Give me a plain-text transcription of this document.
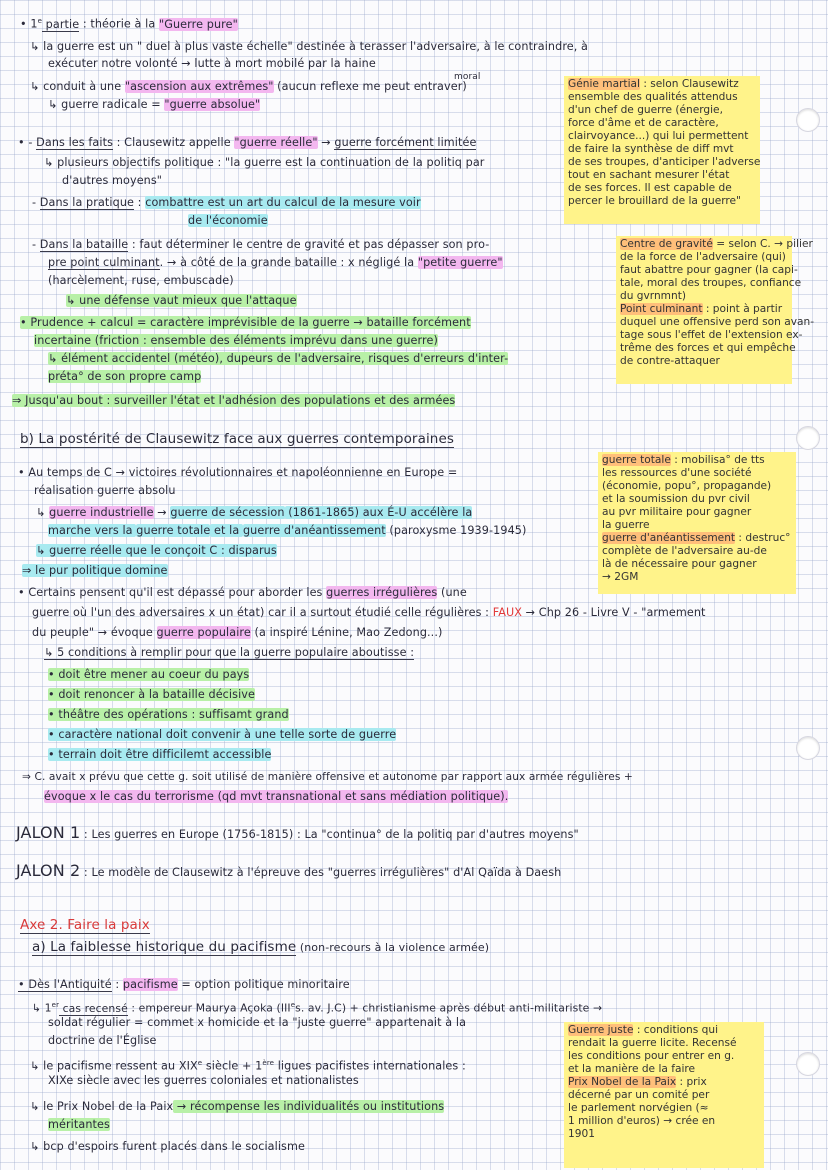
• 1e partie : théorie à la "Guerre pure"
↳ la guerre est un " duel à plus vaste échelle" destinée à terasser l'adversaire, à le contraindre, à
exécuter notre volonté → lutte à mort mobilé par la haine
moral
↳ conduit à une "ascension aux extrêmes" (aucun reflexe me peut entraver)
↳ guerre radicale = "guerre absolue"
• - Dans les faits : Clausewitz appelle "guerre réelle" → guerre forcément limitée
↳ plusieurs objectifs politique : "la guerre est la continuation de la politiq par
d'autres moyens"
- Dans la pratique : combattre est un art du calcul de la mesure voir
de l'économie
- Dans la bataille : faut déterminer le centre de gravité et pas dépasser son pro-
pre point culminant. → à côté de la grande bataille : x négligé la "petite guerre"
(harcèlement, ruse, embuscade)
↳ une défense vaut mieux que l'attaque
• Prudence + calcul = caractère imprévisible de la guerre → bataille forcément
incertaine (friction : ensemble des éléments imprévu dans une guerre)
↳ élément accidentel (météo), dupeurs de l'adversaire, risques d'erreurs d'inter-
préta° de son propre camp
⇒ Jusqu'au bout : surveiller l'état et l'adhésion des populations et des armées
b) La postérité de Clausewitz face aux guerres contemporaines
• Au temps de C → victoires révolutionnaires et napoléonnienne en Europe =
réalisation guerre absolu
↳ guerre industrielle → guerre de sécession (1861-1865) aux É-U accélère la
marche vers la guerre totale et la guerre d'anéantissement (paroxysme 1939-1945)
↳ guerre réelle que le conçoit C : disparus
⇒ le pur politique domine
• Certains pensent qu'il est dépassé pour aborder les guerres irrégulières (une
guerre où l'un des adversaires x un état) car il a surtout étudié celle régulières : FAUX → Chp 26 - Livre V - "armement
du peuple" → évoque guerre populaire (a inspiré Lénine, Mao Zedong...)
↳ 5 conditions à remplir pour que la guerre populaire aboutisse :
• doit être mener au coeur du pays
• doit renoncer à la bataille décisive
• théâtre des opérations : suffisamt grand
• caractère national doit convenir à une telle sorte de guerre
• terrain doit être difficilemt accessible
⇒ C. avait x prévu que cette g. soit utilisé de manière offensive et autonome par rapport aux armée régulières +
évoque x le cas du terrorisme (qd mvt transnational et sans médiation politique).
JALON 1 : Les guerres en Europe (1756-1815) : La "continua° de la politiq par d'autres moyens"
JALON 2 : Le modèle de Clausewitz à l'épreuve des "guerres irrégulières" d'Al Qaïda à Daesh
Axe 2. Faire la paix
a) La faiblesse historique du pacifisme (non-recours à la violence armée)
• Dès l'Antiquité : pacifisme = option politique minoritaire
↳ 1er cas recensé : empereur Maurya Açoka (IIIes. av. J.C) + christianisme après début anti-militariste →
soldat régulier = commet x homicide et la "juste guerre" appartenait à la
doctrine de l'Église
↳ le pacifisme ressent au XIXe siècle + 1ère ligues pacifistes internationales :
XIXe siècle avec les guerres coloniales et nationalistes
↳ le Prix Nobel de la Paix → récompense les individualités ou institutions
méritantes
↳ bcp d'espoirs furent placés dans le socialisme
Génie martial : selon Clausewitz
ensemble des qualités attendus
d'un chef de guerre (énergie,
force d'âme et de caractère,
clairvoyance...) qui lui permettent
de faire la synthèse de diff mvt
de ses troupes, d'anticiper l'adverse
tout en sachant mesurer l'état
de ses forces. Il est capable de
percer le brouillard de la guerre"
Centre de gravité = selon C. → pilier
de la force de l'adversaire (qui)
faut abattre pour gagner (la capi-
tale, moral des troupes, confiance
du gvrnmnt)
Point culminant : point à partir
duquel une offensive perd son avan-
tage sous l'effet de l'extension ex-
trême des forces et qui empêche
de contre-attaquer
guerre totale : mobilisa° de tts
les ressources d'une société
(économie, popu°, propagande)
et la soumission du pvr civil
au pvr militaire pour gagner
la guerre
guerre d'anéantissement : destruc°
complète de l'adversaire au-de
là de nécessaire pour gagner
→ 2GM
Guerre juste : conditions qui
rendait la guerre licite. Recensé
les conditions pour entrer en g.
et la manière de la faire
Prix Nobel de la Paix : prix
décerné par un comité per
le parlement norvégien (≈
1 million d'euros) → crée en
1901
